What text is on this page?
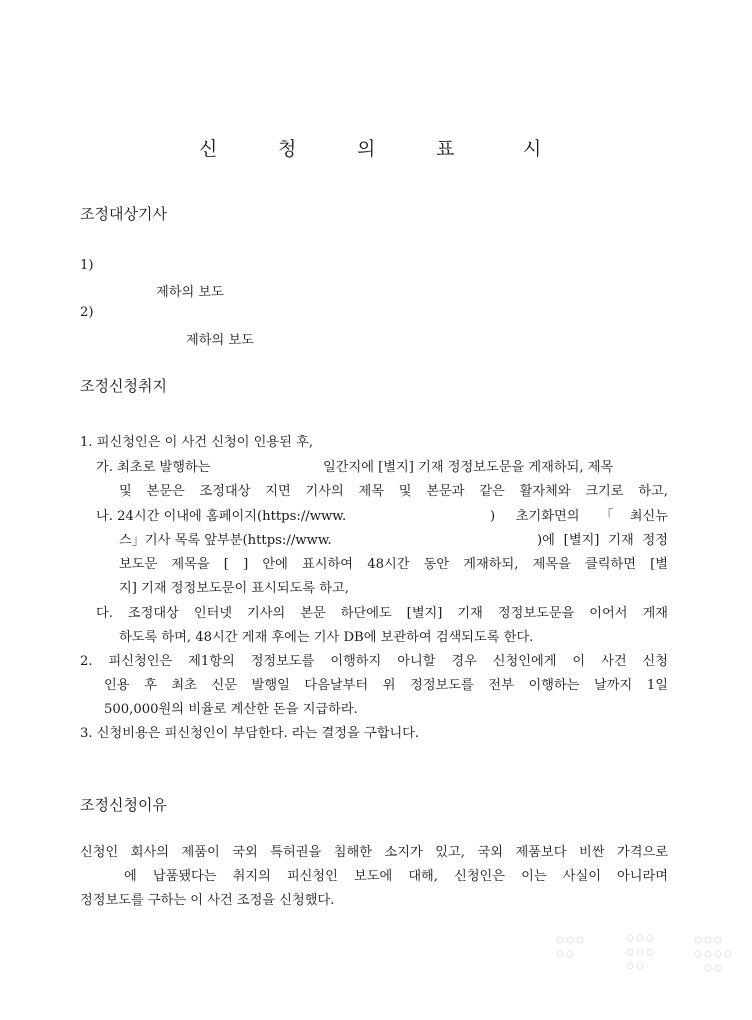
신	청	의	표	시
조정대상기사
1)
제하의 보도
2)
제하의 보도
조정신청취지
1. 피신청인은 이 사건 신청이 인용된 후,
가. 최초로 발행하는	일간지에 [별지] 기재 정정보도문을 게재하되, 제목
및 본문은 조정대상 지면 기사의 제목 및 본문과 같은 활자체와 크기로 하고,
나. 24시간 이내에 홈페이지(https://www.	) 초기화면의 「최신뉴
스」기사 목록 앞부분(https://www.	)에 [별지] 기재 정정
보도문 제목을 [ ] 안에 표시하여 48시간 동안 게재하되, 제목을 클릭하면 [별
지] 기재 정정보도문이 표시되도록 하고,
다. 조정대상 인터넷 기사의 본문 하단에도 [별지] 기재 정정보도문을 이어서 게재
하도록 하며, 48시간 게재 후에는 기사 DB에 보관하여 검색되도록 한다.
2. 피신청인은 제1항의 정정보도를 이행하지 아니할 경우 신청인에게 이 사건 신청
인용 후 최초 신문 발행일 다음날부터 위 정정보도를 전부 이행하는 날까지 1일
500,000원의 비율로 계산한 돈을 지급하라.
3. 신청비용은 피신청인이 부담한다. 라는 결정을 구합니다.
조정신청이유
신청인 회사의 제품이 국외 특허권을 침해한 소지가 있고, 국외 제품보다 비싼 가격으로
에 납품됐다는 취지의 피신청인 보도에 대해, 신청인은 이는 사실이 아니라며
정정보도를 구하는 이 사건 조정을 신청했다.
